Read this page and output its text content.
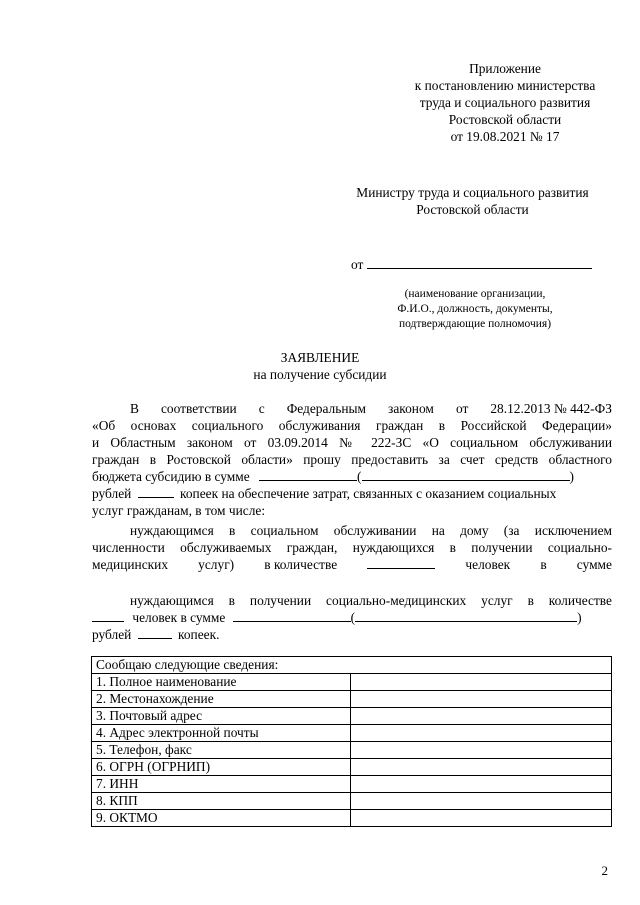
Приложение
к постановлению министерства
труда и социального развития
Ростовской области
от 19.08.2021 № 17
Министру труда и социального развития
Ростовской области
от
(наименование организации,
Ф.И.О., должность, документы,
подтверждающие полномочия)
ЗАЯВЛЕНИЕ
на получение субсидии
В соответствии с Федеральным законом от 28.12.2013 № 442-ФЗ
«Об основах социального обслуживания граждан в Российской Федерации»
и Областным законом от 03.09.2014 № 222-ЗС «О социальном обслуживании
граждан в Ростовской области» прошу предоставить за счет средств областного
бюджета субсидию в сумме	(	)
рублей	копеек на обеспечение затрат, связанных с оказанием социальных
услуг гражданам, в том числе:
нуждающимся в социальном обслуживании на дому (за исключением
численности обслуживаемых граждан, нуждающихся в получении социально-
медицинских услуг) в количестве	человек в сумме
нуждающимся в получении социально-медицинских услуг в количестве
человек в сумме	(	)
рублей	копеек.
Сообщаю следующие сведения:	
1. Полное наименование	
2. Местонахождение	
3. Почтовый адрес	
4. Адрес электронной почты	
5. Телефон, факс	
6. ОГРН (ОГРНИП)	
7. ИНН	
8. КПП	
9. ОКТМО	
2
